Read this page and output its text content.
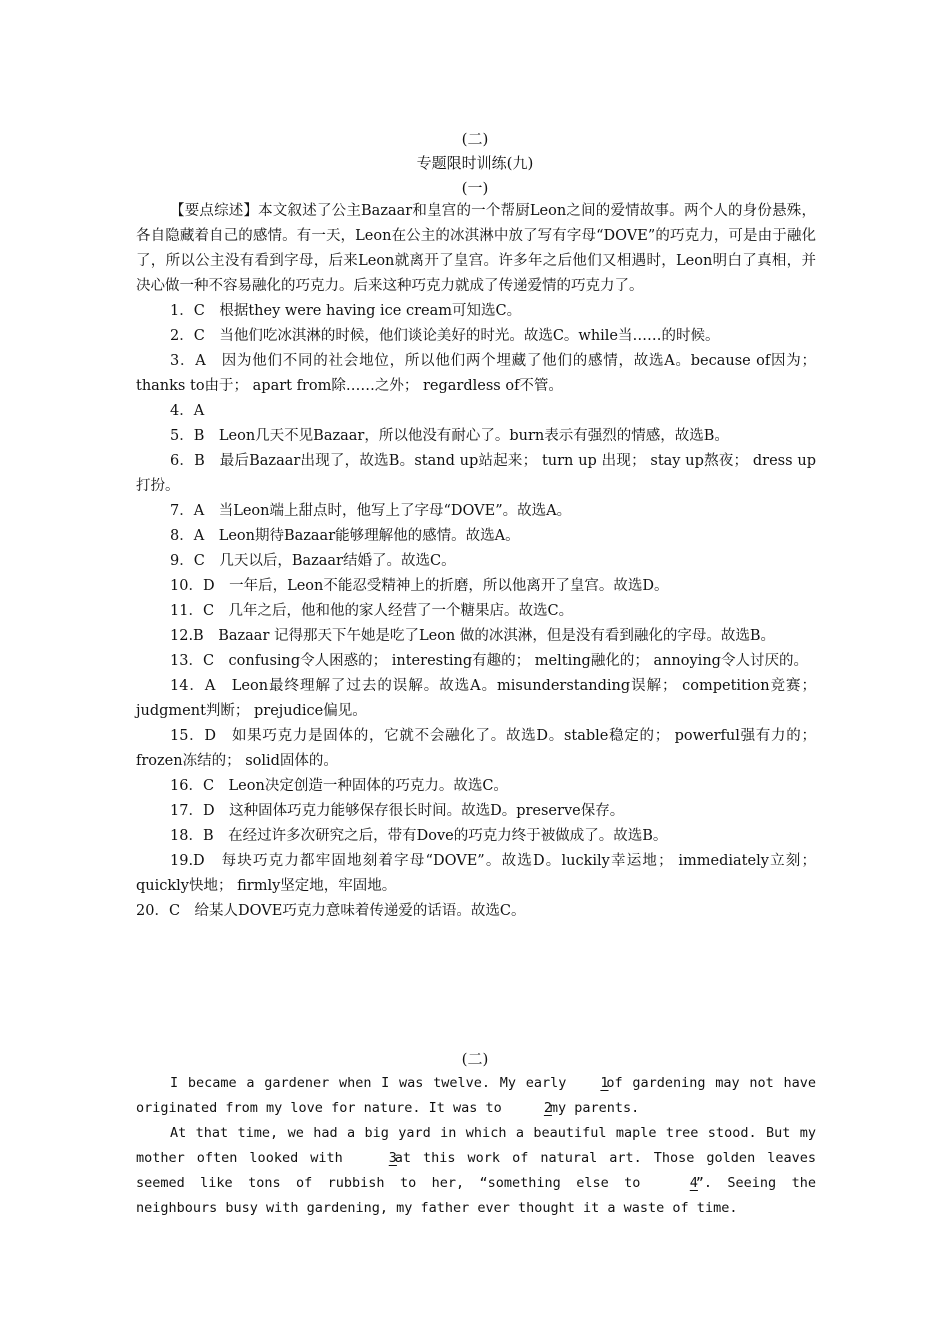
(二)
专题限时训练(九)
(一)

【要点综述】本文叙述了公主Bazaar和皇宫的一个帮厨Leon之间的爱情故事。两个人的身份悬殊，各自隐藏着自己的感情。有一天，Leon在公主的冰淇淋中放了写有字母“DOVE”的巧克力，可是由于融化了，所以公主没有看到字母，后来Leon就离开了皇宫。许多年之后他们又相遇时，Leon明白了真相，并决心做一种不容易融化的巧克力。后来这种巧克力就成了传递爱情的巧克力了。

1．C　根据they were having ice cream可知选C。

2．C　当他们吃冰淇淋的时候，他们谈论美好的时光。故选C。while当……的时候。

3．A　因为他们不同的社会地位，所以他们两个埋藏了他们的感情，故选A。because of因为； thanks to由于； apart from除……之外； regardless of不管。

4．A

5．B　Leon几天不见Bazaar，所以他没有耐心了。burn表示有强烈的情感，故选B。

6．B　最后Bazaar出现了，故选B。stand up站起来； turn up 出现； stay up熬夜； dress up打扮。

7．A　当Leon端上甜点时，他写上了字母“DOVE”。故选A。

8．A　Leon期待Bazaar能够理解他的感情。故选A。

9．C　几天以后，Bazaar结婚了。故选C。

10．D　一年后，Leon不能忍受精神上的折磨，所以他离开了皇宫。故选D。

11．C　几年之后，他和他的家人经营了一个糖果店。故选C。

12.B　Bazaar 记得那天下午她是吃了Leon 做的冰淇淋，但是没有看到融化的字母。故选B。

13．C　confusing令人困惑的； interesting有趣的； melting融化的； annoying令人讨厌的。

14．A　Leon最终理解了过去的误解。故选A。misunderstanding误解； competition竞赛； judgment判断； prejudice偏见。

15．D　如果巧克力是固体的，它就不会融化了。故选D。stable稳定的； powerful强有力的； frozen冻结的； solid固体的。

16．C　Leon决定创造一种固体的巧克力。故选C。

17．D　这种固体巧克力能够保存很长时间。故选D。preserve保存。

18．B　在经过许多次研究之后，带有Dove的巧克力终于被做成了。故选B。

19.D　每块巧克力都牢固地刻着字母“DOVE”。故选D。luckily幸运地； immediately立刻； quickly快地； firmly坚定地，牢固地。

20．C　给某人DOVE巧克力意味着传递爱的话语。故选C。

(二)

I became a gardener when I was twelve. My early	1of gardening may not have originated from my love for nature. It was to	2my parents.

At that time, we had a big yard in which a beautiful maple tree stood. But my mother often looked with	3at this work of natural art. Those golden leaves seemed like tons of rubbish to her, “something else to	4”. Seeing the neighbours busy with gardening, my father ever thought it a waste of time.
